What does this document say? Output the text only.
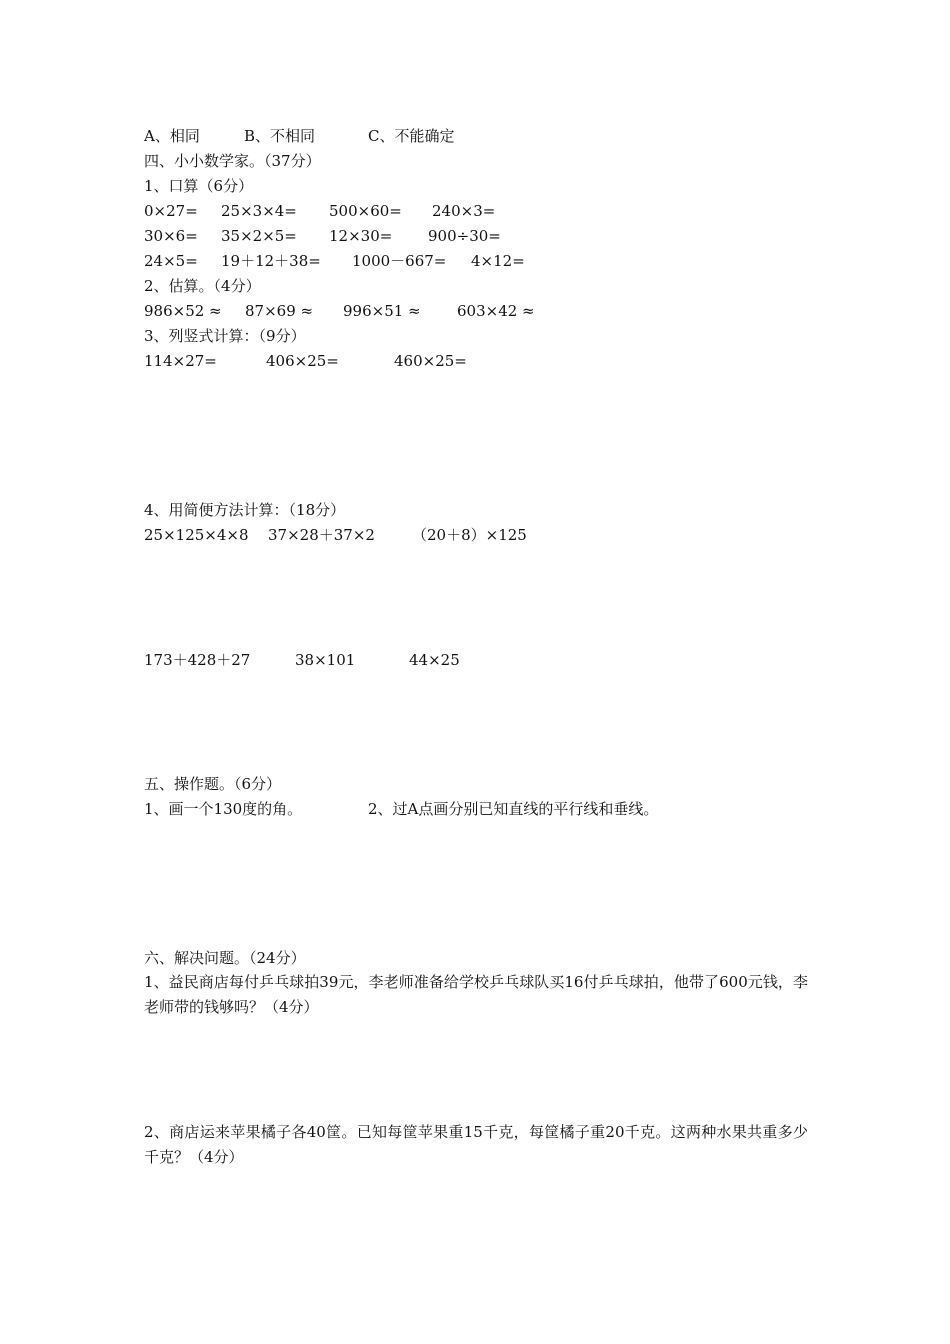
A、相同	B、不相同	C、不能确定
四、小小数学家。（37分）
1、口算（6分）
0×27= 25×3×4= 500×60= 240×3=
30×6= 35×2×5= 12×30= 900÷30=
24×5= 19＋12＋38= 1000－667= 4×12=
2、估算。（4分）
986×52 ≈ 87×69 ≈ 996×51 ≈ 603×42 ≈
3、列竖式计算：（9分）
114×27=	406×25=	460×25=
4、用简便方法计算：（18分）
25×125×4×8 37×28＋37×2 （20＋8）×125
173＋428＋27	38×101	44×25
五、操作题。（6分）
1、画一个130度的角。	2、过A点画分别已知直线的平行线和垂线。
六、解决问题。（24分）
1、益民商店每付乒乓球拍39元，李老师准备给学校乒乓球队买16付乒乓球拍，他带了600元钱，李老师带的钱够吗？（4分）
2、商店运来苹果橘子各40筐。已知每筐苹果重15千克，每筐橘子重20千克。这两种水果共重多少千克？（4分）
